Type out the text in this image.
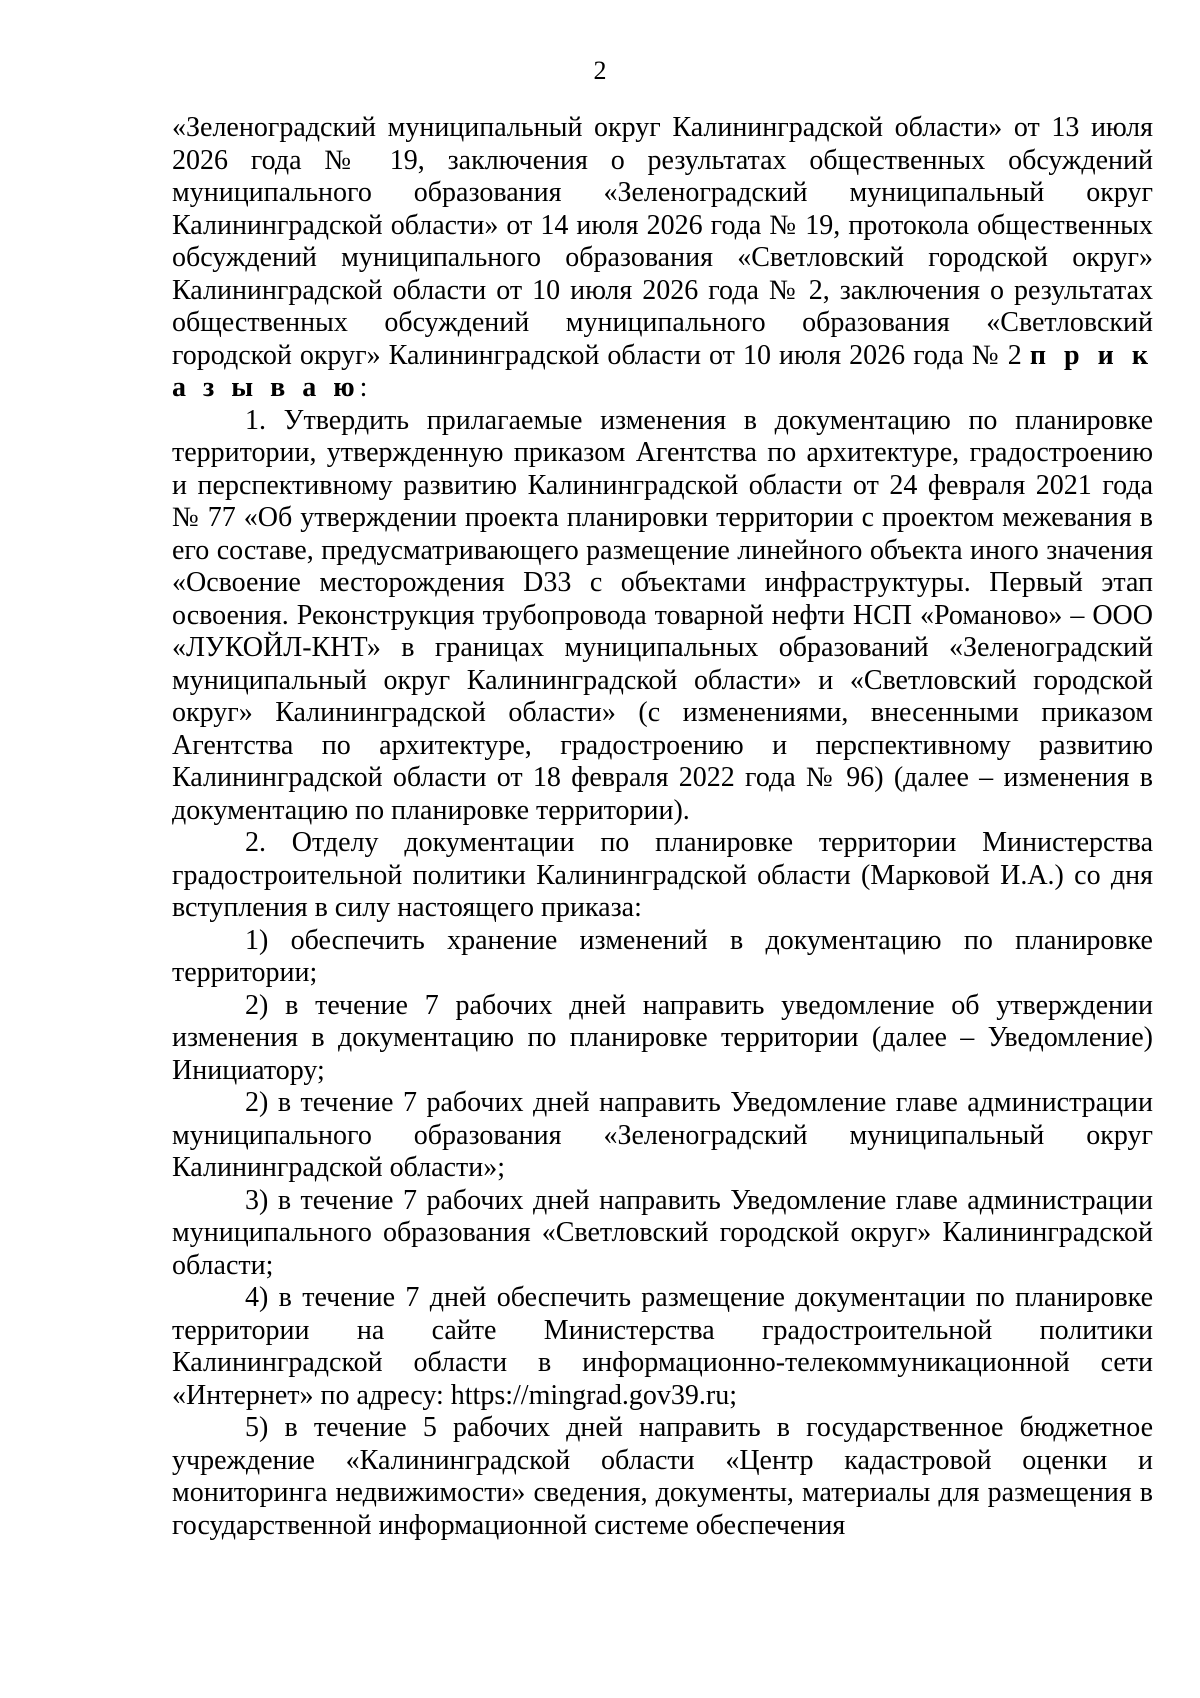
2

«Зеленоградский муниципальный округ Калининградской области» от 13 июля 2026 года № 19, заключения о результатах общественных обсуждений муниципального образования «Зеленоградский муниципальный округ Калининградской области» от 14 июля 2026 года № 19, протокола общественных обсуждений муниципального образования «Светловский городской округ» Калининградской области от 10 июля 2026 года № 2, заключения о результатах общественных обсуждений муниципального образования «Светловский городской округ» Калининградской области от 10 июля 2026 года № 2 п р и к а з ы в а ю:

1. Утвердить прилагаемые изменения в документацию по планировке территории, утвержденную приказом Агентства по архитектуре, градостроению и перспективному развитию Калининградской области от 24 февраля 2021 года № 77 «Об утверждении проекта планировки территории с проектом межевания в его составе, предусматривающего размещение линейного объекта иного значения «Освоение месторождения D33 с объектами инфраструктуры. Первый этап освоения. Реконструкция трубопровода товарной нефти НСП «Романово» – ООО «ЛУКОЙЛ-КНТ» в границах муниципальных образований «Зеленоградский муниципальный округ Калининградской области» и «Светловский городской округ» Калининградской области» (с изменениями, внесенными приказом Агентства по архитектуре, градостроению и перспективному развитию Калининградской области от 18 февраля 2022 года № 96) (далее – изменения в документацию по планировке территории).

2. Отделу документации по планировке территории Министерства градостроительной политики Калининградской области (Марковой И.А.) со дня вступления в силу настоящего приказа:

1) обеспечить хранение изменений в документацию по планировке территории;

2) в течение 7 рабочих дней направить уведомление об утверждении изменения в документацию по планировке территории (далее – Уведомление) Инициатору;

2) в течение 7 рабочих дней направить Уведомление главе администрации муниципального образования «Зеленоградский муниципальный округ Калининградской области»;

3) в течение 7 рабочих дней направить Уведомление главе администрации муниципального образования «Светловский городской округ» Калининградской области;

4) в течение 7 дней обеспечить размещение документации по планировке территории на сайте Министерства градостроительной политики Калининградской области в информационно-телекоммуникационной сети «Интернет» по адресу: https://mingrad.gov39.ru;

5) в течение 5 рабочих дней направить в государственное бюджетное учреждение «Калининградской области «Центр кадастровой оценки и мониторинга недвижимости» сведения, документы, материалы для размещения в государственной информационной системе обеспечения
